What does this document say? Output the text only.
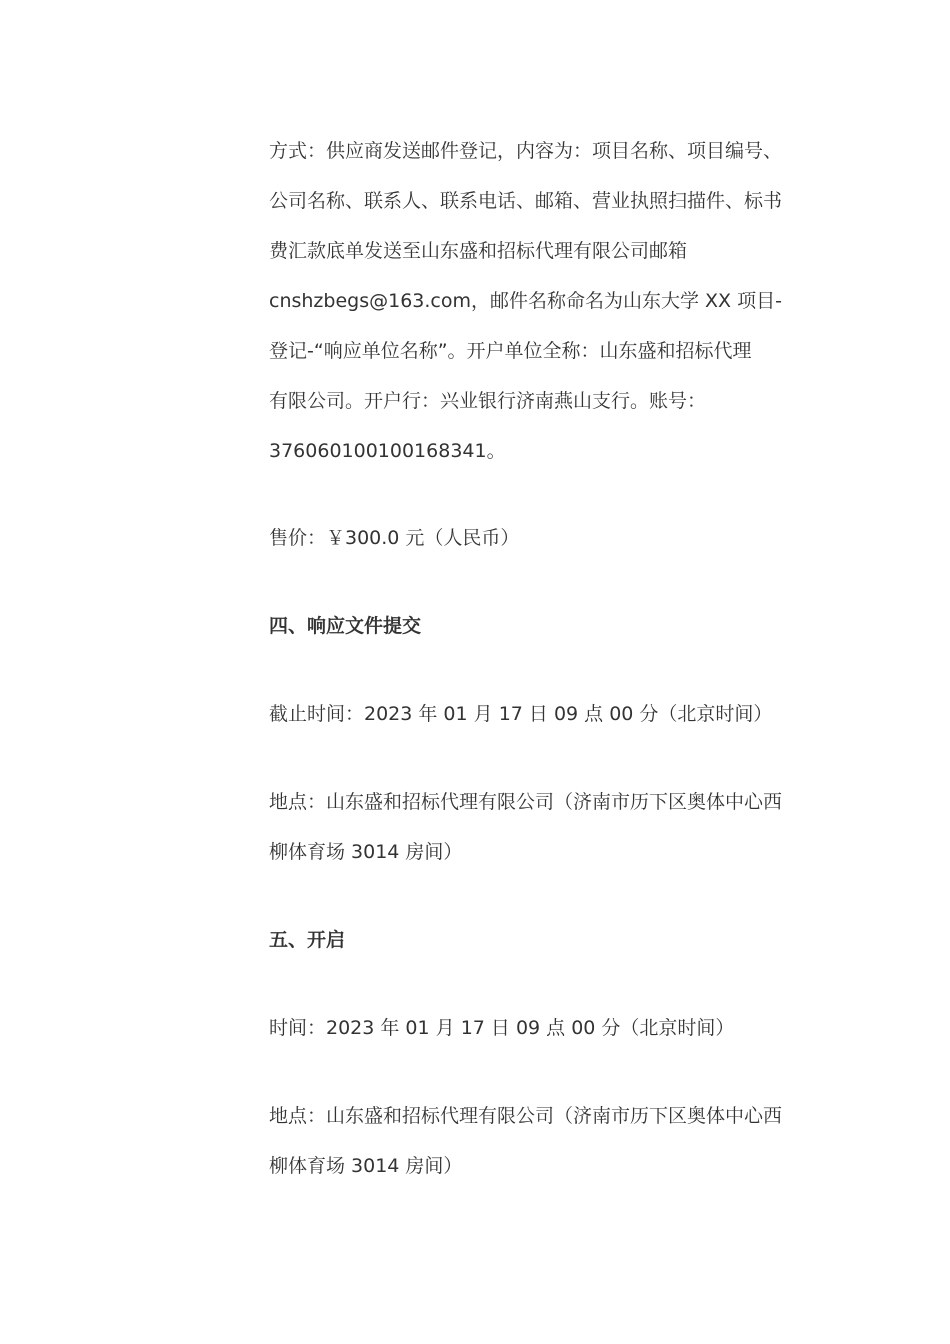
方式：供应商发送邮件登记，内容为：项目名称、项目编号、
公司名称、联系人、联系电话、邮箱、营业执照扫描件、标书
费汇款底单发送至山东盛和招标代理有限公司邮箱
cnshzbegs@163.com，邮件名称命名为山东大学 XX 项目-
登记-“响应单位名称”。开户单位全称：山东盛和招标代理
有限公司。开户行：兴业银行济南燕山支行。账号：
376060100100168341。

售价：￥300.0 元（人民币）

四、响应文件提交

截止时间：2023 年 01 月 17 日 09 点 00 分（北京时间）

地点：山东盛和招标代理有限公司（济南市历下区奥体中心西
柳体育场 3014 房间）

五、开启

时间：2023 年 01 月 17 日 09 点 00 分（北京时间）

地点：山东盛和招标代理有限公司（济南市历下区奥体中心西
柳体育场 3014 房间）
